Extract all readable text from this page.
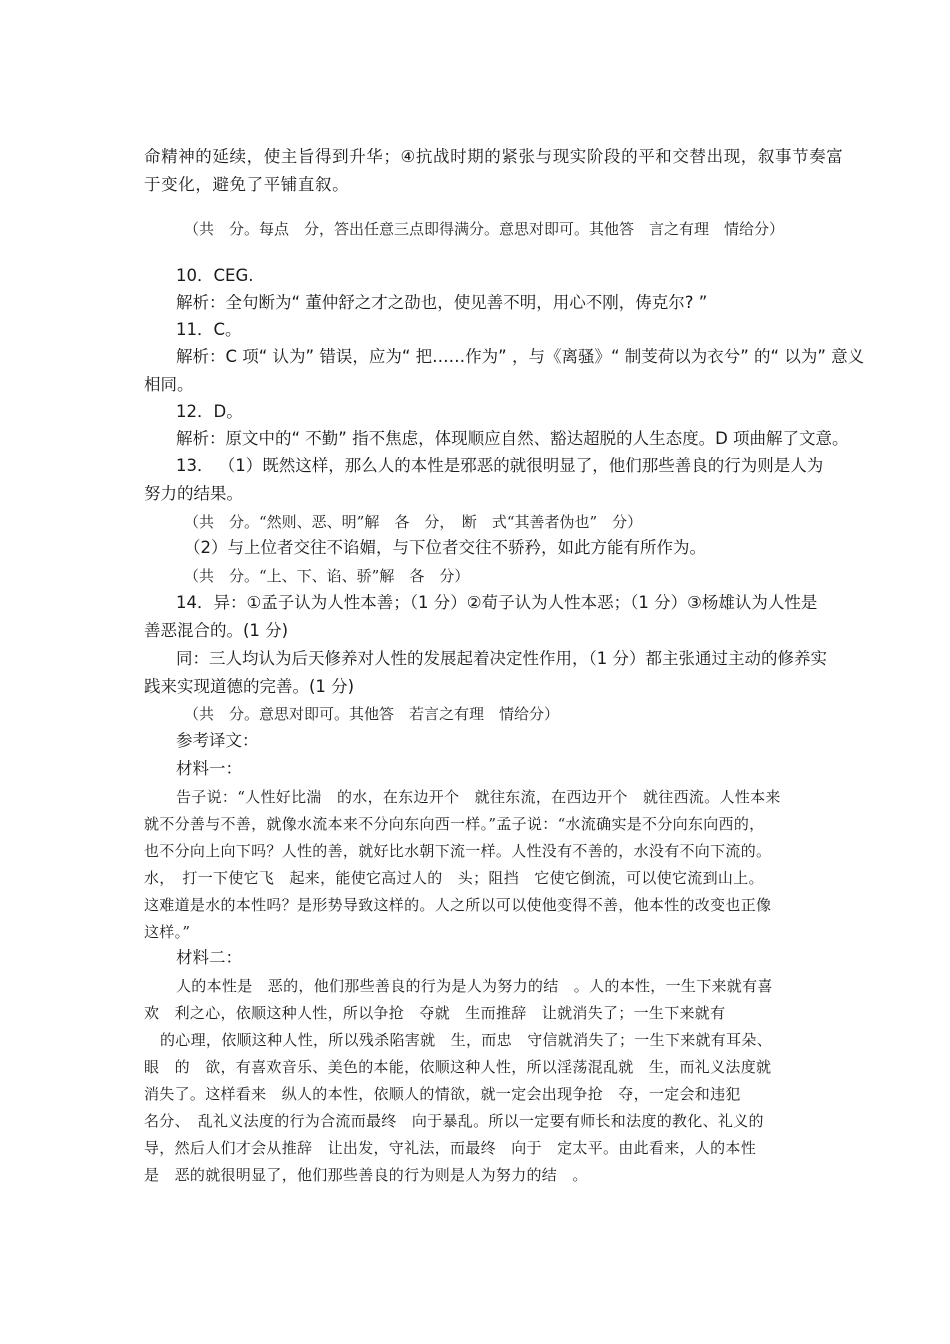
命精神的延续，使主旨得到升华；④抗战时期的紧张与现实阶段的平和交替出现，叙事节奏富
于变化，避免了平铺直叙。
（共　分。每点　分，答出任意三点即得满分。意思对即可。其他答　言之有理　情给分）
10．CEG.
解析：全句断为“ 董仲舒之才之劭也，使见善不明，用心不刚，俦克尔? ”
11．C。
解析：C 项“ 认为” 错误，应为“ 把……作为” ，与《离骚》“ 制芰荷以为衣兮” 的“ 以为” 意义
相同。
12．D。
解析：原文中的“ 不勤” 指不焦虑，体现顺应自然、豁达超脱的人生态度。D 项曲解了文意。
13． （1）既然这样，那么人的本性是邪恶的就很明显了，他们那些善良的行为则是人为
努力的结果。
（共　分。“然则、恶、明”解　各　分，　断　式“其善者伪也”　分）
（2）与上位者交往不谄媚，与下位者交往不骄矜，如此方能有所作为。
（共　分。“上、下、谄、骄”解　各　分）
14．异：①孟子认为人性本善；（1 分）②荀子认为人性本恶；（1 分）③杨雄认为人性是
善恶混合的。(1 分)
同：三人均认为后天修养对人性的发展起着决定性作用，（1 分）都主张通过主动的修养实
践来实现道德的完善。(1 分)
（共　分。意思对即可。其他答　若言之有理　情给分）
参考译文：
材料一：
告子说：“人性好比湍　的水，在东边开个　就往东流，在西边开个　就往西流。人性本来
就不分善与不善，就像水流本来不分向东向西一样。”孟子说：“水流确实是不分向东向西的，
也不分向上向下吗？人性的善，就好比水朝下流一样。人性没有不善的，水没有不向下流的。
水，　打一下使它飞　起来，能使它高过人的　头；阻挡　它使它倒流，可以使它流到山上。
这难道是水的本性吗？是形势导致这样的。人之所以可以使他变得不善，他本性的改变也正像
这样。”
材料二：
人的本性是　恶的，他们那些善良的行为是人为努力的结　。人的本性，一生下来就有喜
欢　利之心，依顺这种人性，所以争抢　夺就　生而推辞　让就消失了；一生下来就有
的心理，依顺这种人性，所以残杀陷害就　生，而忠　守信就消失了；一生下来就有耳朵、
眼　的　欲，有喜欢音乐、美色的本能，依顺这种人性，所以淫荡混乱就　生，而礼义法度就
消失了。这样看来　纵人的本性，依顺人的情欲，就一定会出现争抢　夺，一定会和违犯
名分、　乱礼义法度的行为合流而最终　向于暴乱。所以一定要有师长和法度的教化、礼义的
导，然后人们才会从推辞　让出发，守礼法，而最终　向于　定太平。由此看来，人的本性
是　恶的就很明显了，他们那些善良的行为则是人为努力的结　。
